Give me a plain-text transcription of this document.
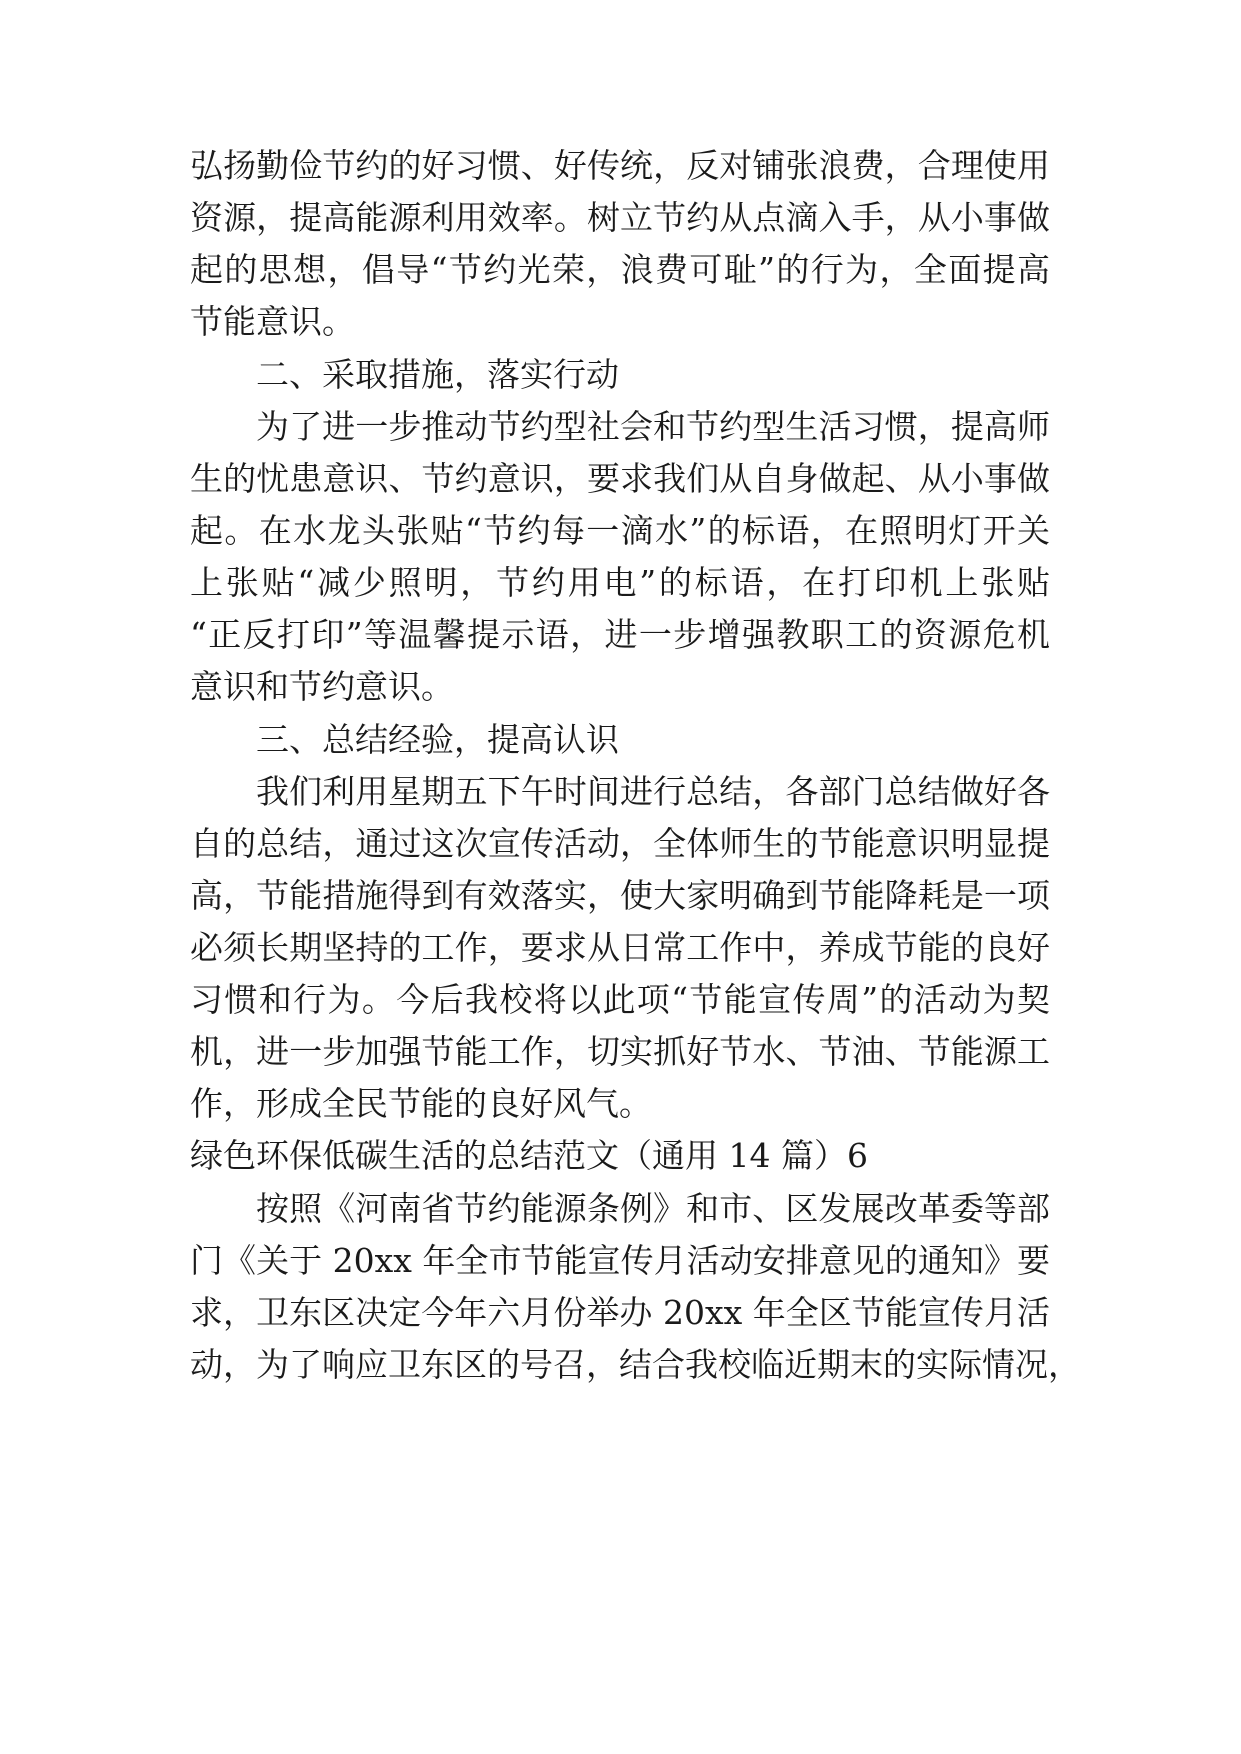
弘扬勤俭节约的好习惯、好传统，反对铺张浪费，合理使用
资源，提高能源利用效率。树立节约从点滴入手，从小事做
起的思想，倡导“节约光荣，浪费可耻”的行为，全面提高
节能意识。
二、采取措施，落实行动
为了进一步推动节约型社会和节约型生活习惯，提高师
生的忧患意识、节约意识，要求我们从自身做起、从小事做
起。在水龙头张贴“节约每一滴水”的标语，在照明灯开关
上张贴“减少照明，节约用电”的标语，在打印机上张贴
“正反打印”等温馨提示语，进一步增强教职工的资源危机
意识和节约意识。
三、总结经验，提高认识
我们利用星期五下午时间进行总结，各部门总结做好各
自的总结，通过这次宣传活动，全体师生的节能意识明显提
高，节能措施得到有效落实，使大家明确到节能降耗是一项
必须长期坚持的工作，要求从日常工作中，养成节能的良好
习惯和行为。今后我校将以此项“节能宣传周”的活动为契
机，进一步加强节能工作，切实抓好节水、节油、节能源工
作，形成全民节能的良好风气。
绿色环保低碳生活的总结范文（通用 14 篇）6
按照《河南省节约能源条例》和市、区发展改革委等部
门《关于 20xx 年全市节能宣传月活动安排意见的通知》要
求，卫东区决定今年六月份举办 20xx 年全区节能宣传月活
动，为了响应卫东区的号召，结合我校临近期末的实际情况，
